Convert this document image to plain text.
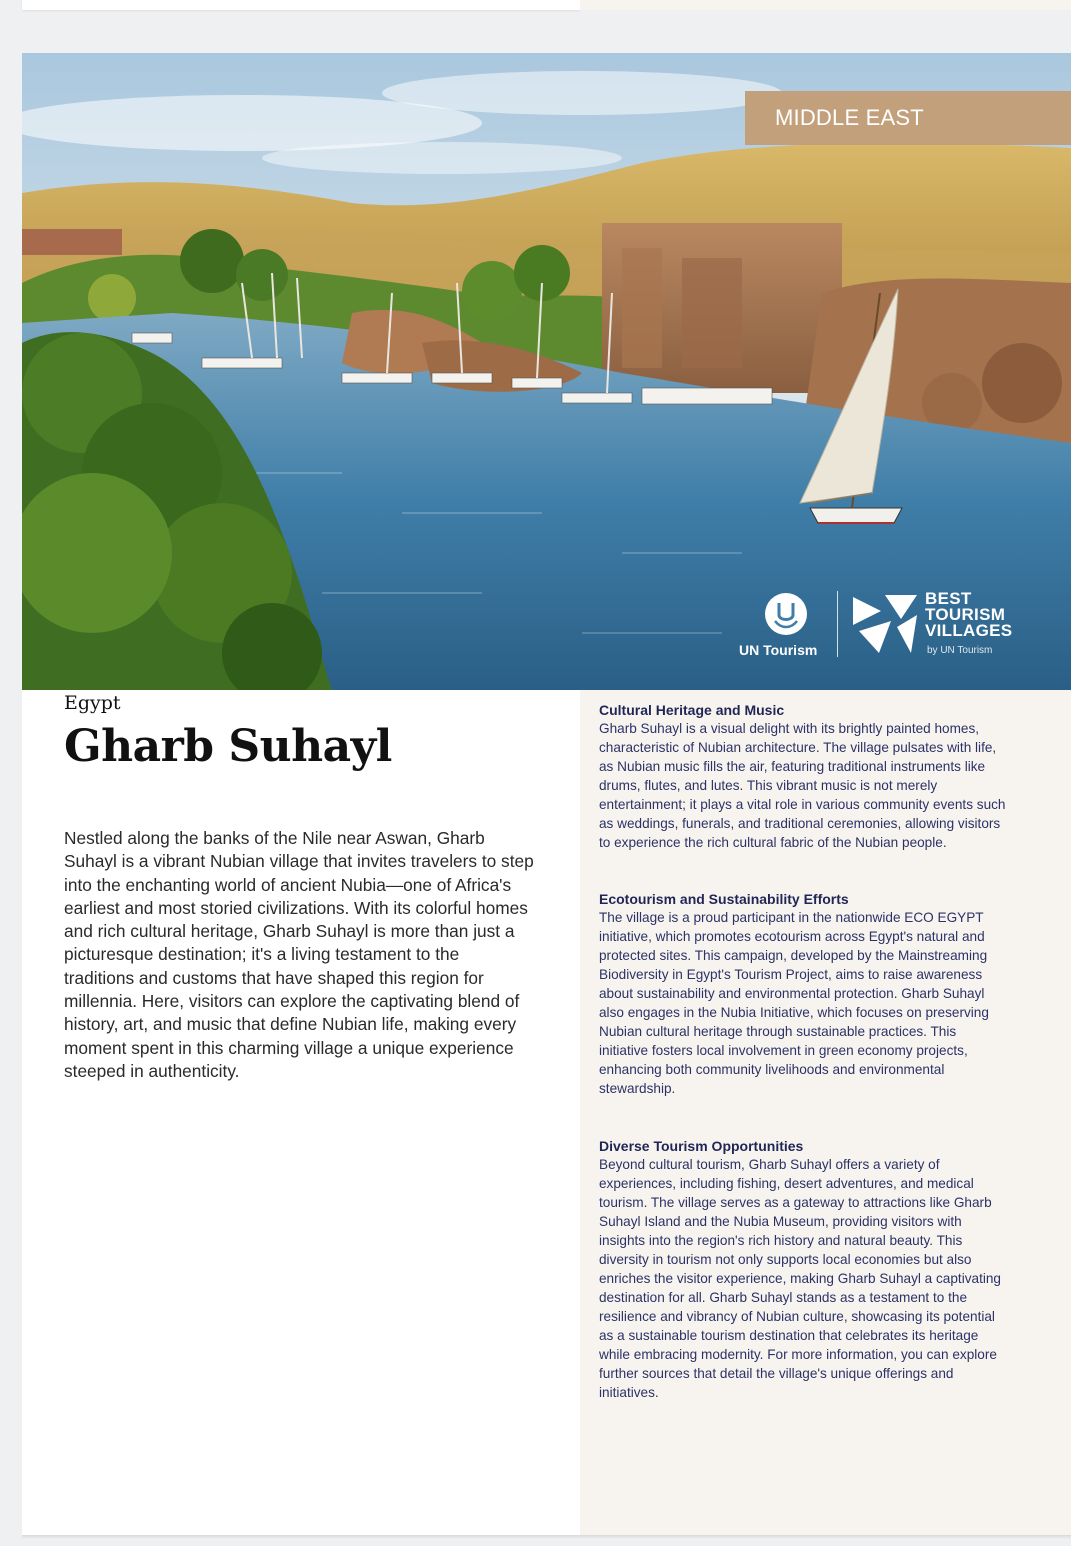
MIDDLE EAST
UN Tourism
BEST
TOURISM
VILLAGES
by UN Tourism
Egypt
Gharb Suhayl

Nestled along the banks of the Nile near Aswan, Gharb Suhayl is a vibrant Nubian village that invites travelers to step into the enchanting world of ancient Nubia—one of Africa's earliest and most storied civilizations. With its colorful homes and rich cultural heritage, Gharb Suhayl is more than just a picturesque destination; it's a living testament to the traditions and customs that have shaped this region for millennia. Here, visitors can explore the captivating blend of history, art, and music that define Nubian life, making every moment spent in this charming village a unique experience steeped in authenticity.

Cultural Heritage and Music

Gharb Suhayl is a visual delight with its brightly painted homes, characteristic of Nubian architecture. The village pulsates with life, as Nubian music fills the air, featuring traditional instruments like drums, flutes, and lutes. This vibrant music is not merely entertainment; it plays a vital role in various community events such as weddings, funerals, and traditional ceremonies, allowing visitors to experience the rich cultural fabric of the Nubian people.

Ecotourism and Sustainability Efforts

The village is a proud participant in the nationwide ECO EGYPT initiative, which promotes ecotourism across Egypt's natural and protected sites. This campaign, developed by the Mainstreaming Biodiversity in Egypt's Tourism Project, aims to raise awareness about sustainability and environmental protection. Gharb Suhayl also engages in the Nubia Initiative, which focuses on preserving Nubian cultural heritage through sustainable practices. This initiative fosters local involvement in green economy projects, enhancing both community livelihoods and environmental stewardship.

Diverse Tourism Opportunities

Beyond cultural tourism, Gharb Suhayl offers a variety of experiences, including fishing, desert adventures, and medical tourism. The village serves as a gateway to attractions like Gharb Suhayl Island and the Nubia Museum, providing visitors with insights into the region's rich history and natural beauty. This diversity in tourism not only supports local economies but also enriches the visitor experience, making Gharb Suhayl a captivating destination for all. Gharb Suhayl stands as a testament to the resilience and vibrancy of Nubian culture, showcasing its potential as a sustainable tourism destination that celebrates its heritage while embracing modernity. For more information, you can explore further sources that detail the village's unique offerings and initiatives.
